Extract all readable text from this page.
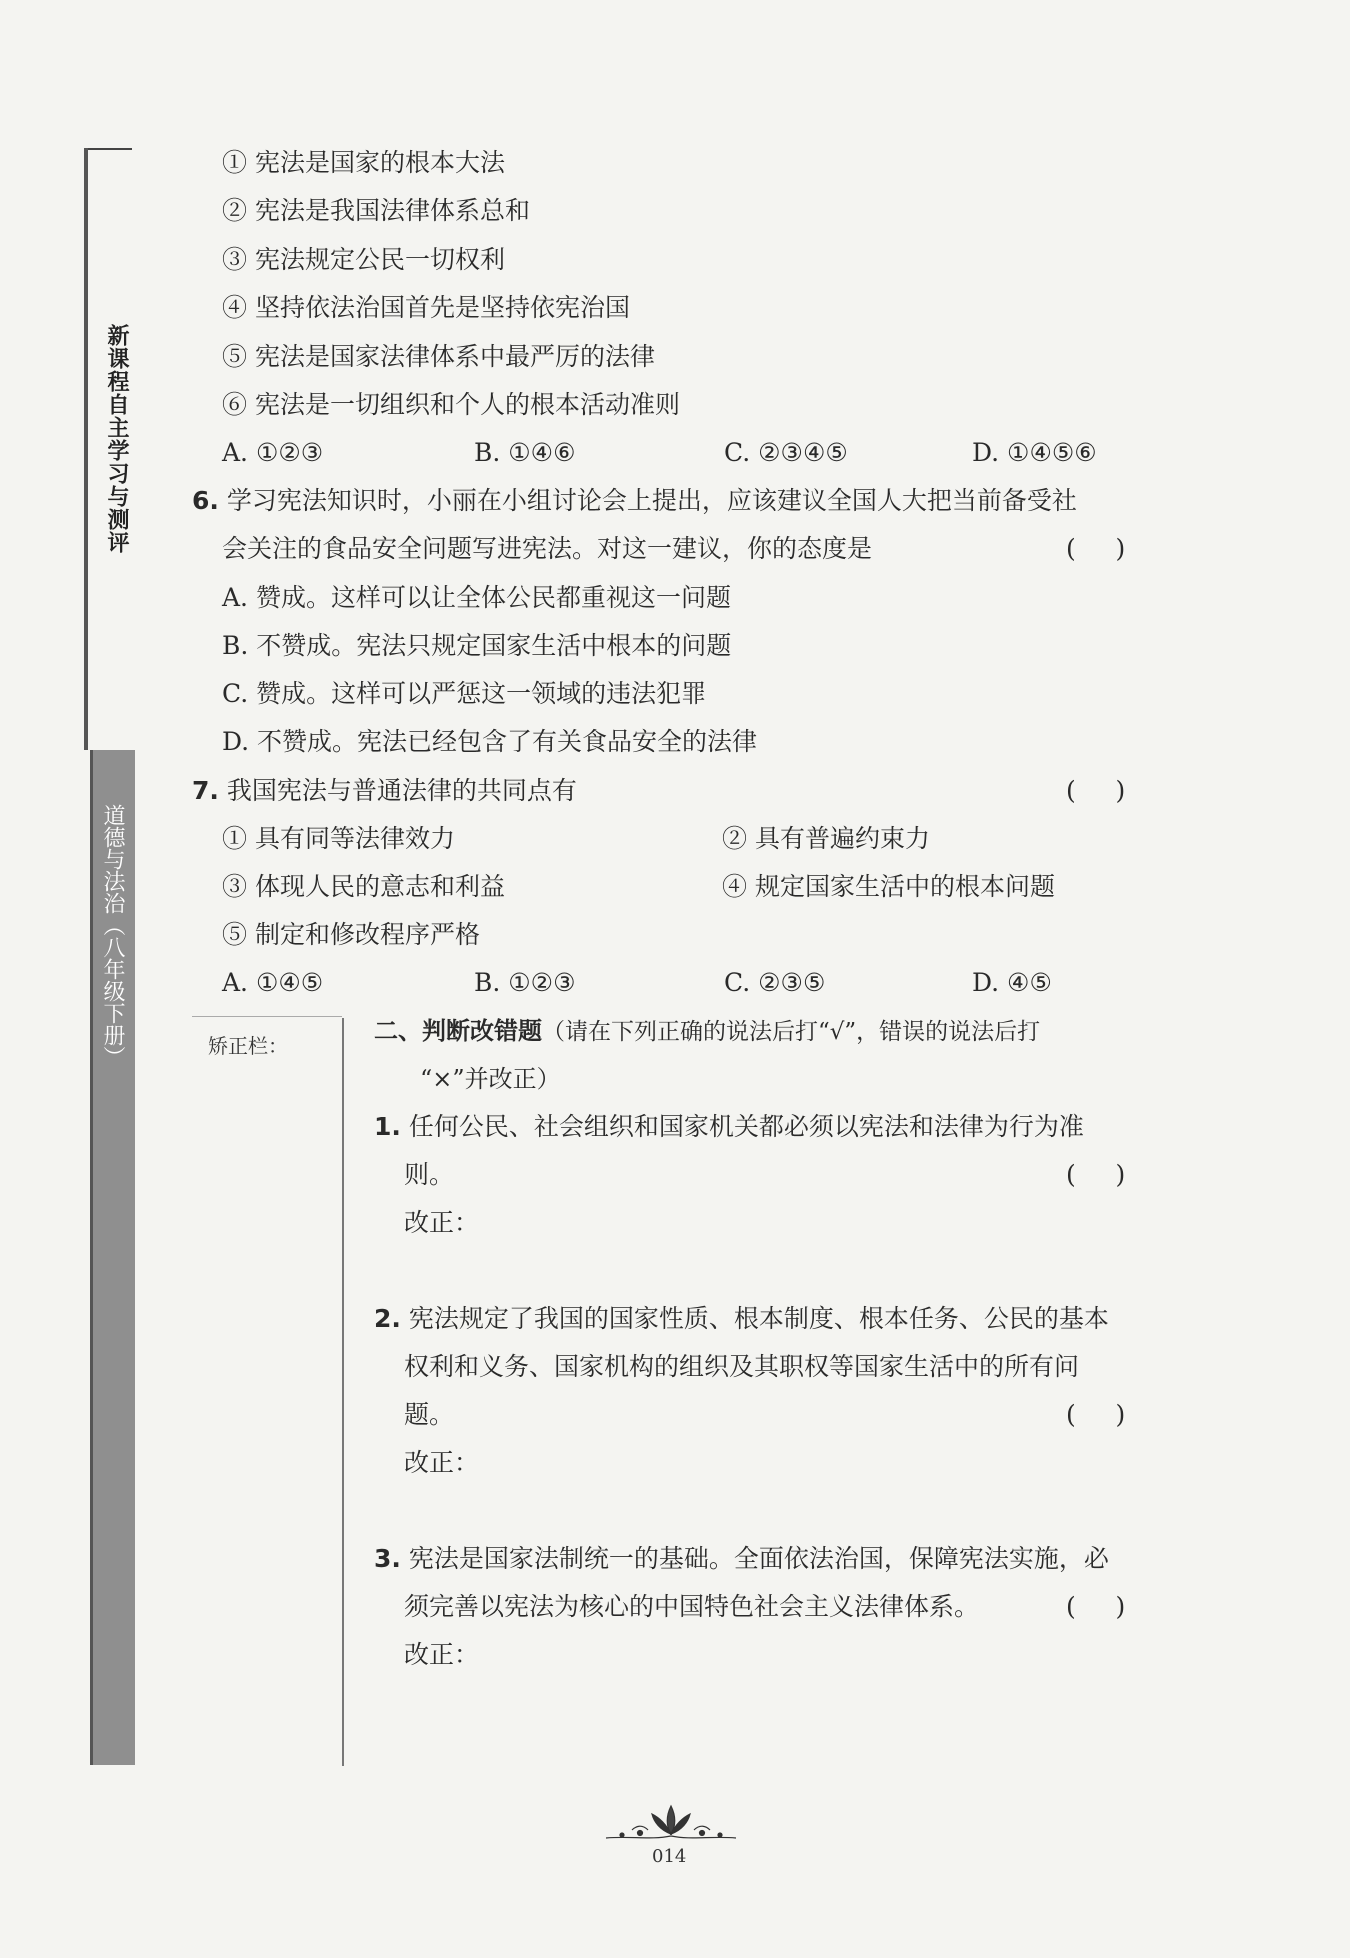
新课程自主学习与测评
道德与法治（八年级下册）
① 宪法是国家的根本大法
② 宪法是我国法律体系总和
③ 宪法规定公民一切权利
④ 坚持依法治国首先是坚持依宪治国
⑤ 宪法是国家法律体系中最严厉的法律
⑥ 宪法是一切组织和个人的根本活动准则
A. ①②③	B. ①④⑥	C. ②③④⑤	D. ①④⑤⑥
6. 学习宪法知识时，小丽在小组讨论会上提出，应该建议全国人大把当前备受社
会关注的食品安全问题写进宪法。对这一建议，你的态度是	(     )
A. 赞成。这样可以让全体公民都重视这一问题
B. 不赞成。宪法只规定国家生活中根本的问题
C. 赞成。这样可以严惩这一领域的违法犯罪
D. 不赞成。宪法已经包含了有关食品安全的法律
7. 我国宪法与普通法律的共同点有	(     )
① 具有同等法律效力	② 具有普遍约束力
③ 体现人民的意志和利益	④ 规定国家生活中的根本问题
⑤ 制定和修改程序严格
A. ①④⑤	B. ①②③	C. ②③⑤	D. ④⑤
矫正栏：
二、判断改错题（请在下列正确的说法后打“√”，错误的说法后打
“×”并改正）
1. 任何公民、社会组织和国家机关都必须以宪法和法律为行为准
则。	(     )
改正：
2. 宪法规定了我国的国家性质、根本制度、根本任务、公民的基本
权利和义务、国家机构的组织及其职权等国家生活中的所有问
题。	(     )
改正：
3. 宪法是国家法制统一的基础。全面依法治国，保障宪法实施，必
须完善以宪法为核心的中国特色社会主义法律体系。	(     )
改正：
014
